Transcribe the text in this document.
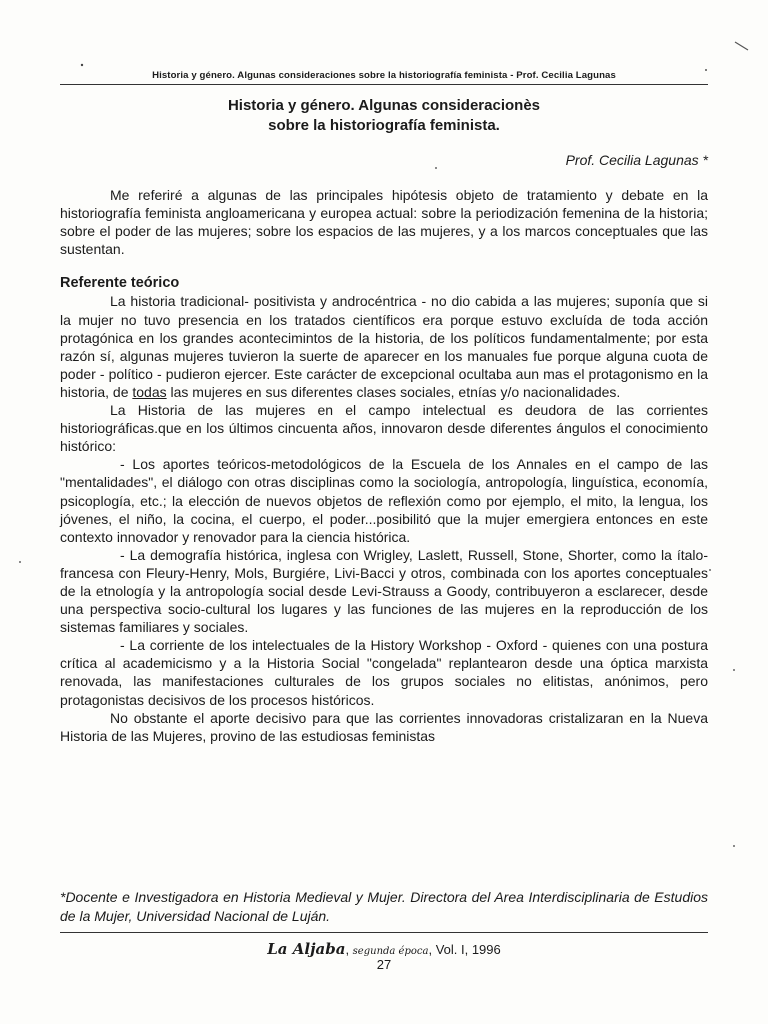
Historia y género. Algunas consideraciones sobre la historiografía feminista - Prof. Cecilia Lagunas
Historia y género. Algunas consideracionès
sobre la historiografía feminista.
Prof. Cecilia Lagunas *

Me referiré a algunas de las principales hipótesis objeto de tratamiento y debate en la historiografía feminista angloamericana y europea actual: sobre la periodización femenina de la historia; sobre el poder de las mujeres; sobre los espacios de las mujeres, y a los marcos conceptuales que las sustentan.

Referente teórico

La historia tradicional- positivista y androcéntrica - no dio cabida a las mujeres; suponía que si la mujer no tuvo presencia en los tratados científicos era porque estuvo excluída de toda acción protagónica en los grandes acontecimintos de la historia, de los políticos fundamentalmente; por esta razón sí, algunas mujeres tuvieron la suerte de aparecer en los manuales fue porque alguna cuota de poder - político - pudieron ejercer. Este carácter de excepcional ocultaba aun mas el protagonismo en la historia, de todas las mujeres en sus diferentes clases sociales, etnías y/o nacionalidades.

La Historia de las mujeres en el campo intelectual es deudora de las corrientes historiográficas.que en los últimos cincuenta años, innovaron desde diferentes ángulos el conocimiento histórico:

- Los aportes teóricos-metodológicos de la Escuela de los Annales en el campo de las "mentalidades", el diálogo con otras disciplinas como la sociología, antropología, linguística, economía, psicoplogía, etc.; la elección de nuevos objetos de reflexión como por ejemplo, el mito, la lengua, los jóvenes, el niño, la cocina, el cuerpo, el poder...posibilitó que la mujer emergiera entonces en este contexto innovador y renovador para la ciencia histórica.

- La demografía histórica, inglesa con Wrigley, Laslett, Russell, Stone, Shorter, como la ítalo-francesa con Fleury-Henry, Mols, Burgiére, Livi-Bacci y otros, combinada con los aportes conceptuales de la etnología y la antropología social desde Levi-Strauss a Goody, contribuyeron a esclarecer, desde una perspectiva socio-cultural los lugares y las funciones de las mujeres en la reproducción de los sistemas familiares y sociales.

- La corriente de los intelectuales de la History Workshop - Oxford - quienes con una postura crítica al academicismo y a la Historia Social "congelada" replantearon desde una óptica marxista renovada, las manifestaciones culturales de los grupos sociales no elitistas, anónimos, pero protagonistas decisivos de los procesos históricos.

No obstante el aporte decisivo para que las corrientes innovadoras cristalizaran en la Nueva Historia de las Mujeres, provino de las estudiosas feministas

*Docente e Investigadora en Historia Medieval y Mujer. Directora del Area Interdisciplinaria de Estudios de la Mujer, Universidad Nacional de Luján.
La Aljaba, segunda época, Vol. I, 1996
27
